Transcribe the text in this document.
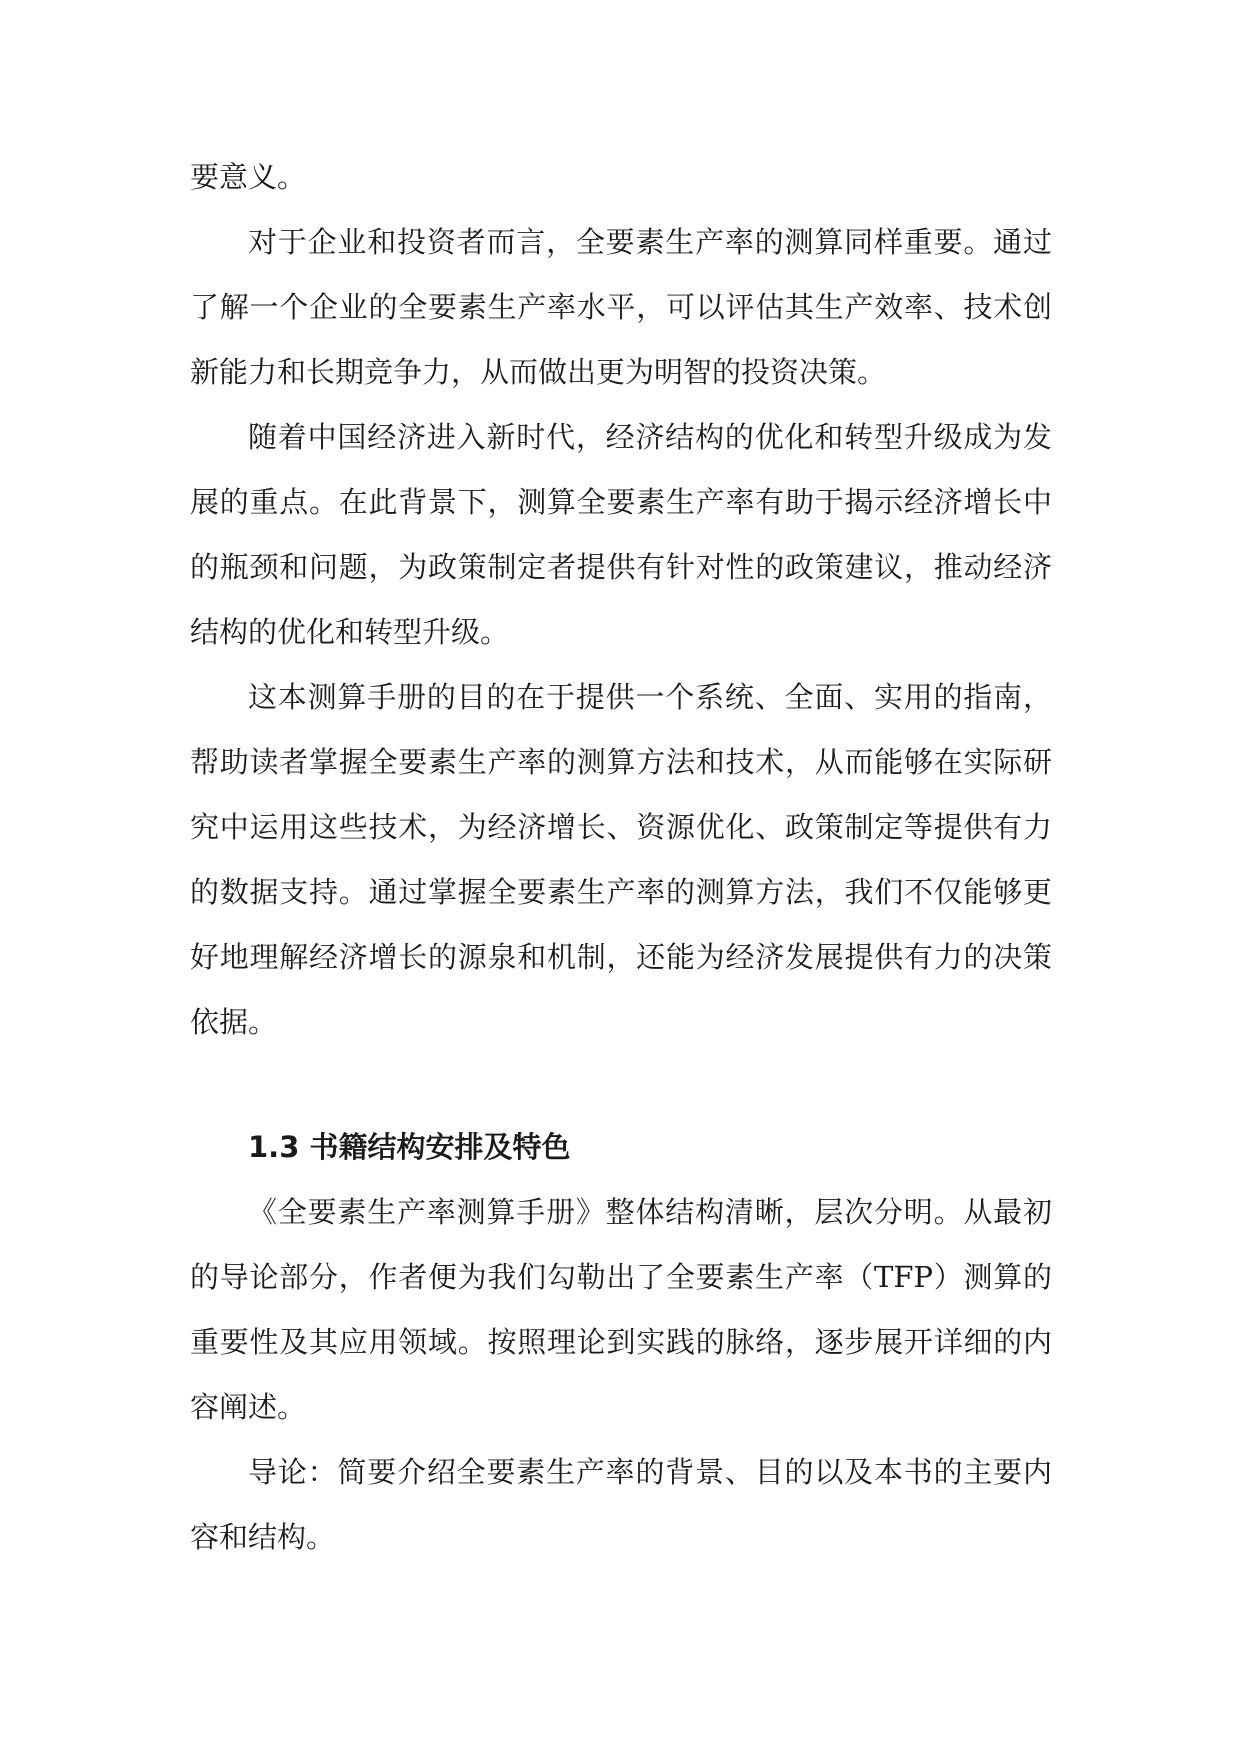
要意义。

对于企业和投资者而言，全要素生产率的测算同样重要。通过了解一个企业的全要素生产率水平，可以评估其生产效率、技术创新能力和长期竞争力，从而做出更为明智的投资决策。

随着中国经济进入新时代，经济结构的优化和转型升级成为发展的重点。在此背景下，测算全要素生产率有助于揭示经济增长中的瓶颈和问题，为政策制定者提供有针对性的政策建议，推动经济结构的优化和转型升级。

这本测算手册的目的在于提供一个系统、全面、实用的指南，帮助读者掌握全要素生产率的测算方法和技术，从而能够在实际研究中运用这些技术，为经济增长、资源优化、政策制定等提供有力的数据支持。通过掌握全要素生产率的测算方法，我们不仅能够更好地理解经济增长的源泉和机制，还能为经济发展提供有力的决策依据。

1.3 书籍结构安排及特色

《全要素生产率测算手册》整体结构清晰，层次分明。从最初的导论部分，作者便为我们勾勒出了全要素生产率（TFP）测算的重要性及其应用领域。按照理论到实践的脉络，逐步展开详细的内容阐述。

导论：简要介绍全要素生产率的背景、目的以及本书的主要内容和结构。
